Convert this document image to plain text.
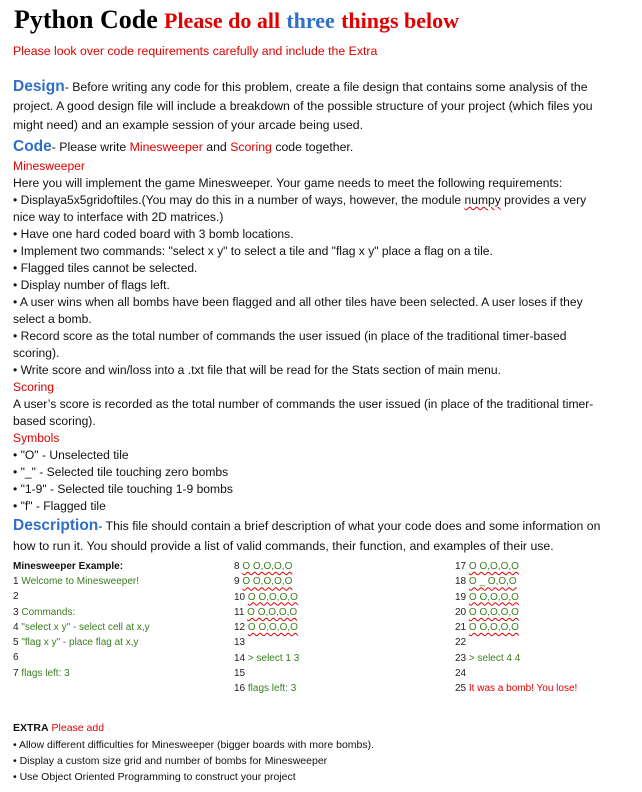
Python Code Please do all three things below
Please look over code requirements carefully and include the Extra
Design- Before writing any code for this problem, create a file design that contains some analysis of the
project. A good design file will include a breakdown of the possible structure of your project (which files you
might need) and an example session of your arcade being used.
Code- Please write Minesweeper and Scoring code together.
Minesweeper
Here you will implement the game Minesweeper. Your game needs to meet the following requirements:
• Displaya5x5gridoftiles.(You may do this in a number of ways, however, the module numpy provides a very
nice way to interface with 2D matrices.)
• Have one hard coded board with 3 bomb locations.
• Implement two commands: "select x y" to select a tile and "flag x y" place a flag on a tile.
• Flagged tiles cannot be selected.
• Display number of flags left.
• A user wins when all bombs have been flagged and all other tiles have been selected. A user loses if they
select a bomb.
• Record score as the total number of commands the user issued (in place of the traditional timer-based
scoring).
• Write score and win/loss into a .txt file that will be read for the Stats section of main menu.
Scoring
A user’s score is recorded as the total number of commands the user issued (in place of the traditional timer-
based scoring).
Symbols
• "O" - Unselected tile
• "_" - Selected tile touching zero bombs
• "1-9" - Selected tile touching 1-9 bombs
• "f" - Flagged tile
Description- This file should contain a brief description of what your code does and some information on
how to run it. You should provide a list of valid commands, their function, and examples of their use.
Minesweeper Example:
1 Welcome to Minesweeper!
2
3 Commands:
4 "select x y" - select cell at x,y
5 "flag x y" - place flag at x,y
6
7 flags left: 3
8 O O,O,O,O
9 O O,O,O,O
10 O O,O,O,O
11 O O,O,O,O
12 O O,O,O,O
13
14 > select 1 3
15
16 flags left: 3
17 O O,O,O,O
18 O _ O,O,O
19 O O,O,O,O
20 O O,O,O,O
21 O O,O,O,O
22
23 > select 4 4
24
25 It was a bomb! You lose!
EXTRA Please add
• Allow different difficulties for Minesweeper (bigger boards with more bombs).
• Display a custom size grid and number of bombs for Minesweeper
• Use Object Oriented Programming to construct your project
